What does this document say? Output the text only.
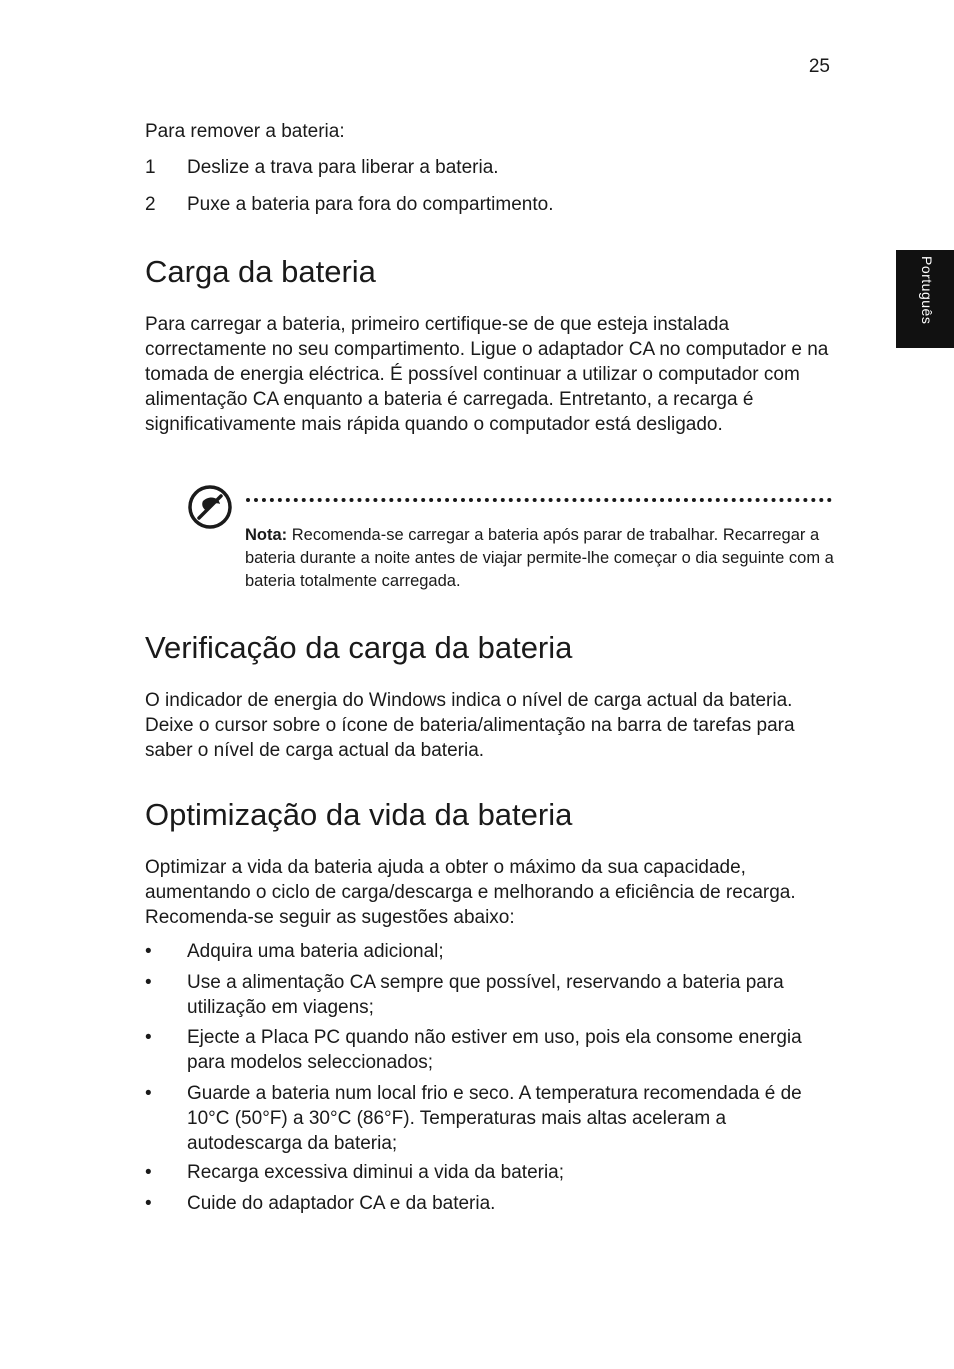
25
Português
Para remover a bateria:
1	Deslize a trava para liberar a bateria.
2	Puxe a bateria para fora do compartimento.
Carga da bateria
Para carregar a bateria, primeiro certifique-se de que esteja instalada correctamente no seu compartimento. Ligue o adaptador CA no computador e na tomada de energia eléctrica. É possível continuar a utilizar o computador com alimentação CA enquanto a bateria é carregada. Entretanto, a recarga é significativamente mais rápida quando o computador está desligado.
Nota: Recomenda-se carregar a bateria após parar de trabalhar. Recarregar a bateria durante a noite antes de viajar permite-lhe começar o dia seguinte com a bateria totalmente carregada.
Verificação da carga da bateria
O indicador de energia do Windows indica o nível de carga actual da bateria. Deixe o cursor sobre o ícone de bateria/alimentação na barra de tarefas para saber o nível de carga actual da bateria.
Optimização da vida da bateria
Optimizar a vida da bateria ajuda a obter o máximo da sua capacidade, aumentando o ciclo de carga/descarga e melhorando a eficiência de recarga. Recomenda-se seguir as sugestões abaixo:
•	Adquira uma bateria adicional;
•	Use a alimentação CA sempre que possível, reservando a bateria para utilização em viagens;
•	Ejecte a Placa PC quando não estiver em uso, pois ela consome energia para modelos seleccionados;
•	Guarde a bateria num local frio e seco. A temperatura recomendada é de 10°C (50°F) a 30°C (86°F). Temperaturas mais altas aceleram a autodescarga da bateria;
•	Recarga excessiva diminui a vida da bateria;
•	Cuide do adaptador CA e da bateria.
